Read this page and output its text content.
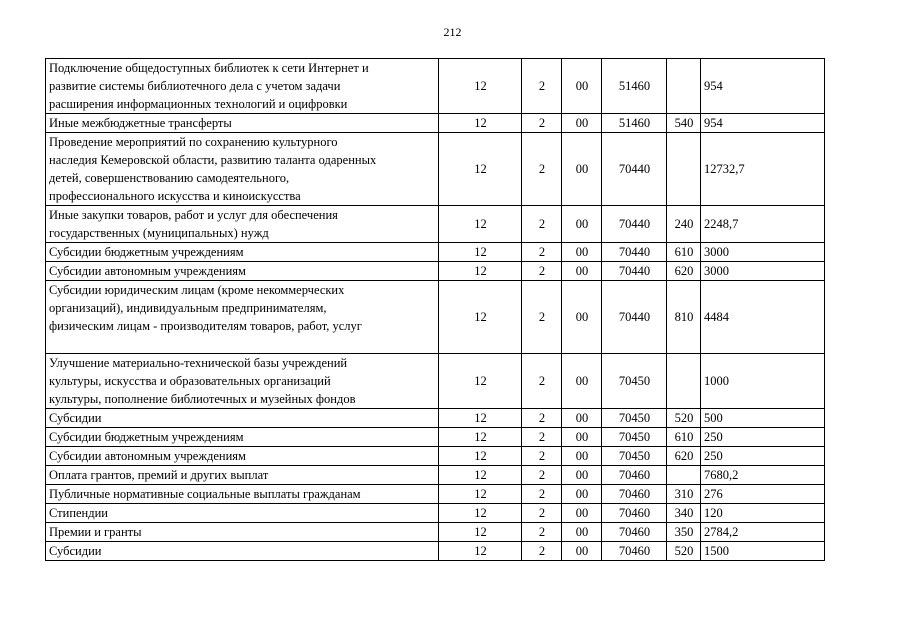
212
Подключение общедоступных библиотек к сети Интернет и
развитие системы библиотечного дела с учетом задачи
расширения информационных технологий и оцифровки	12	2	00	51460		954

Иные межбюджетные трансферты	12	2	00	51460	540	954

Проведение мероприятий по сохранению культурного
наследия Кемеровской области, развитию таланта одаренных
детей, совершенствованию самодеятельного,
профессионального искусства и киноискусства	12	2	00	70440		12732,7

Иные закупки товаров, работ и услуг для обеспечения
государственных (муниципальных) нужд	12	2	00	70440	240	2248,7

Субсидии бюджетным учреждениям	12	2	00	70440	610	3000

Субсидии автономным учреждениям	12	2	00	70440	620	3000

Субсидии юридическим лицам (кроме некоммерческих
организаций), индивидуальным предпринимателям,
физическим лицам - производителям товаров, работ, услуг	12	2	00	70440	810	4484

Улучшение материально-технической базы учреждений
культуры, искусства и образовательных организаций
культуры, пополнение библиотечных и музейных фондов	12	2	00	70450		1000

Субсидии	12	2	00	70450	520	500

Субсидии бюджетным учреждениям	12	2	00	70450	610	250

Субсидии автономным учреждениям	12	2	00	70450	620	250

Оплата грантов, премий и других выплат	12	2	00	70460		7680,2

Публичные нормативные социальные выплаты гражданам	12	2	00	70460	310	276

Стипендии	12	2	00	70460	340	120

Премии и гранты	12	2	00	70460	350	2784,2

Субсидии	12	2	00	70460	520	1500
